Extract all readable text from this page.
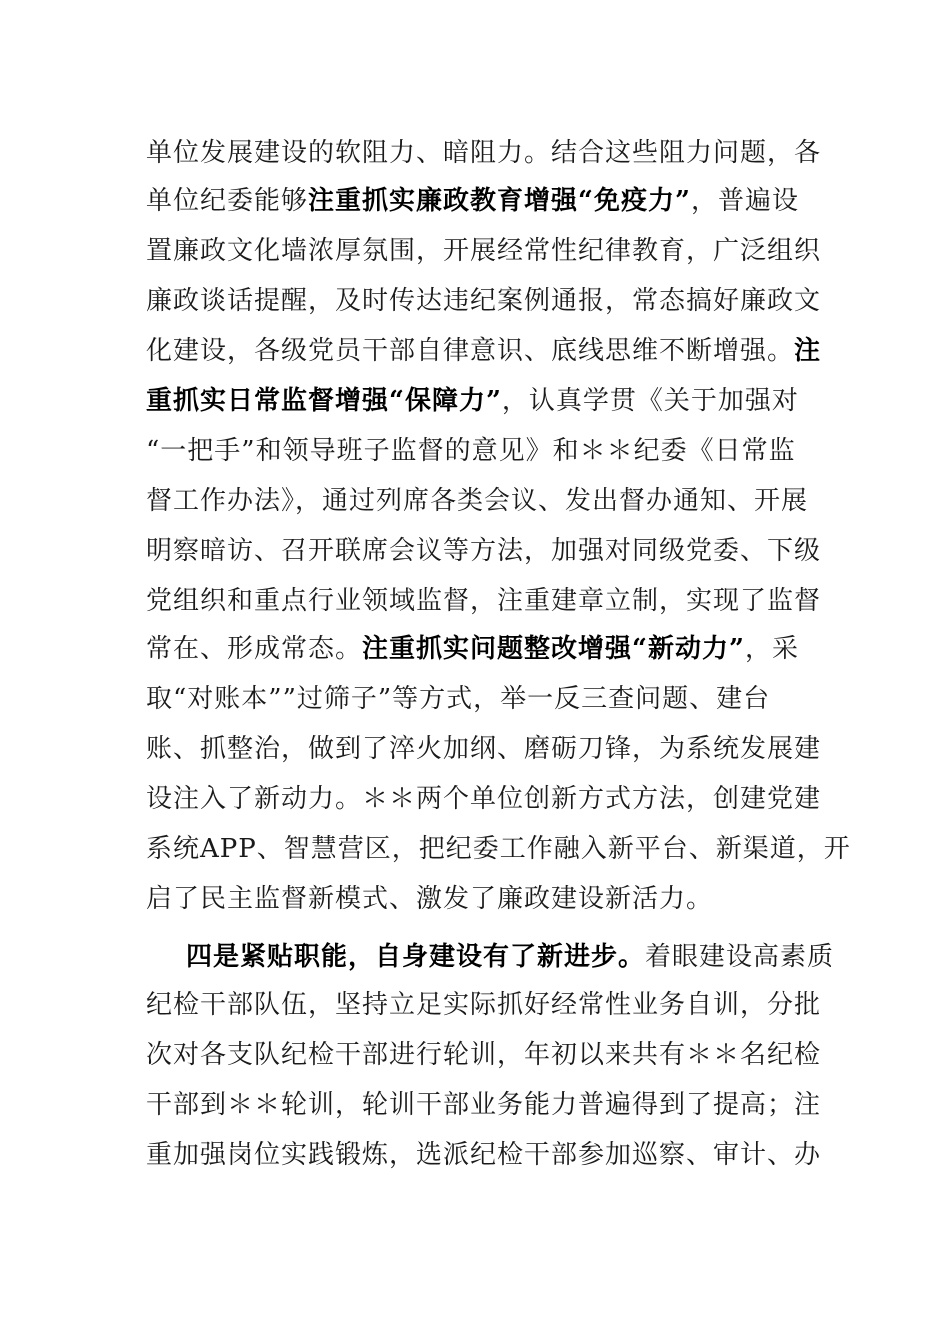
单位发展建设的软阻力、暗阻力。结合这些阻力问题，各
单位纪委能够注重抓实廉政教育增强“免疫力”，普遍设
置廉政文化墙浓厚氛围，开展经常性纪律教育，广泛组织
廉政谈话提醒，及时传达违纪案例通报，常态搞好廉政文
化建设，各级党员干部自律意识、底线思维不断增强。注
重抓实日常监督增强“保障力”，认真学贯《关于加强对
“一把手”和领导班子监督的意见》和＊＊纪委《日常监
督工作办法》，通过列席各类会议、发出督办通知、开展
明察暗访、召开联席会议等方法，加强对同级党委、下级
党组织和重点行业领域监督，注重建章立制，实现了监督
常在、形成常态。注重抓实问题整改增强“新动力”，采
取“对账本””过筛子”等方式，举一反三查问题、建台
账、抓整治，做到了淬火加纲、磨砺刀锋，为系统发展建
设注入了新动力。＊＊两个单位创新方式方法，创建党建
系统APP、智慧营区，把纪委工作融入新平台、新渠道，开
启了民主监督新模式、激发了廉政建设新活力。
四是紧贴职能，自身建设有了新进步。着眼建设高素质
纪检干部队伍，坚持立足实际抓好经常性业务自训，分批
次对各支队纪检干部进行轮训，年初以来共有＊＊名纪检
干部到＊＊轮训，轮训干部业务能力普遍得到了提高；注
重加强岗位实践锻炼，选派纪检干部参加巡察、审计、办
